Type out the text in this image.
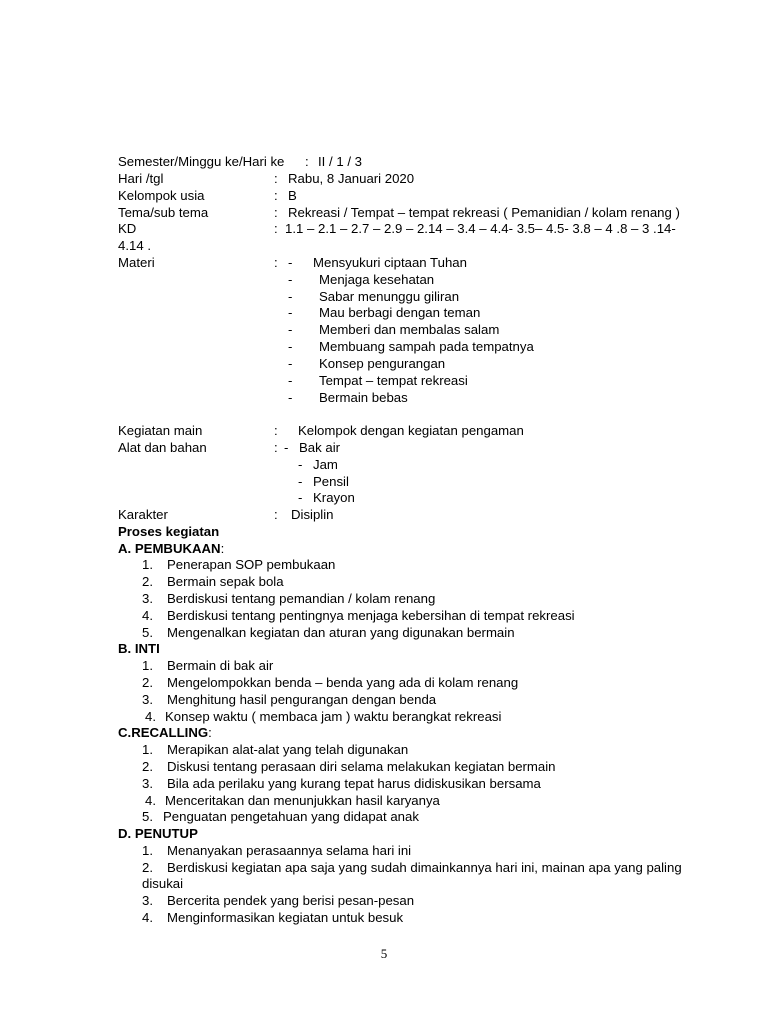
Semester/Minggu ke/Hari ke : II / 1 / 3
Hari /tgl	: Rabu, 8 Januari 2020
Kelompok usia	: B
Tema/sub tema	: Rekreasi / Tempat – tempat rekreasi ( Pemanidian / kolam renang )
KD	: 1.1 – 2.1 – 2.7 – 2.9 – 2.14 – 3.4 – 4.4- 3.5– 4.5- 3.8 – 4 .8 – 3 .14-
4.14 .
Materi	: - Mensyukuri ciptaan Tuhan
- Menjaga kesehatan
- Sabar menunggu giliran
- Mau berbagi dengan teman
- Memberi dan membalas salam
- Membuang sampah pada tempatnya
- Konsep pengurangan
- Tempat – tempat rekreasi
- Bermain bebas
Kegiatan main	: Kelompok dengan kegiatan pengaman
Alat dan bahan	: - Bak air
- Jam
- Pensil
- Krayon
Karakter	: Disiplin
Proses kegiatan
A. PEMBUKAAN:
1. Penerapan SOP pembukaan
2. Bermain sepak bola
3. Berdiskusi tentang pemandian / kolam renang
4. Berdiskusi tentang pentingnya menjaga kebersihan di tempat rekreasi
5. Mengenalkan kegiatan dan aturan yang digunakan bermain
B. INTI
1. Bermain di bak air
2. Mengelompokkan benda – benda yang ada di kolam renang
3. Menghitung hasil pengurangan dengan benda
4. Konsep waktu ( membaca jam ) waktu berangkat rekreasi
C.RECALLING:
1. Merapikan alat-alat yang telah digunakan
2. Diskusi tentang perasaan diri selama melakukan kegiatan bermain
3. Bila ada perilaku yang kurang tepat harus didiskusikan bersama
4. Menceritakan dan menunjukkan hasil karyanya
5. Penguatan pengetahuan yang didapat anak
D. PENUTUP
1. Menanyakan perasaannya selama hari ini
2. Berdiskusi kegiatan apa saja yang sudah dimainkannya hari ini, mainan apa yang paling
disukai
3. Bercerita pendek yang berisi pesan-pesan
4. Menginformasikan kegiatan untuk besuk
5
